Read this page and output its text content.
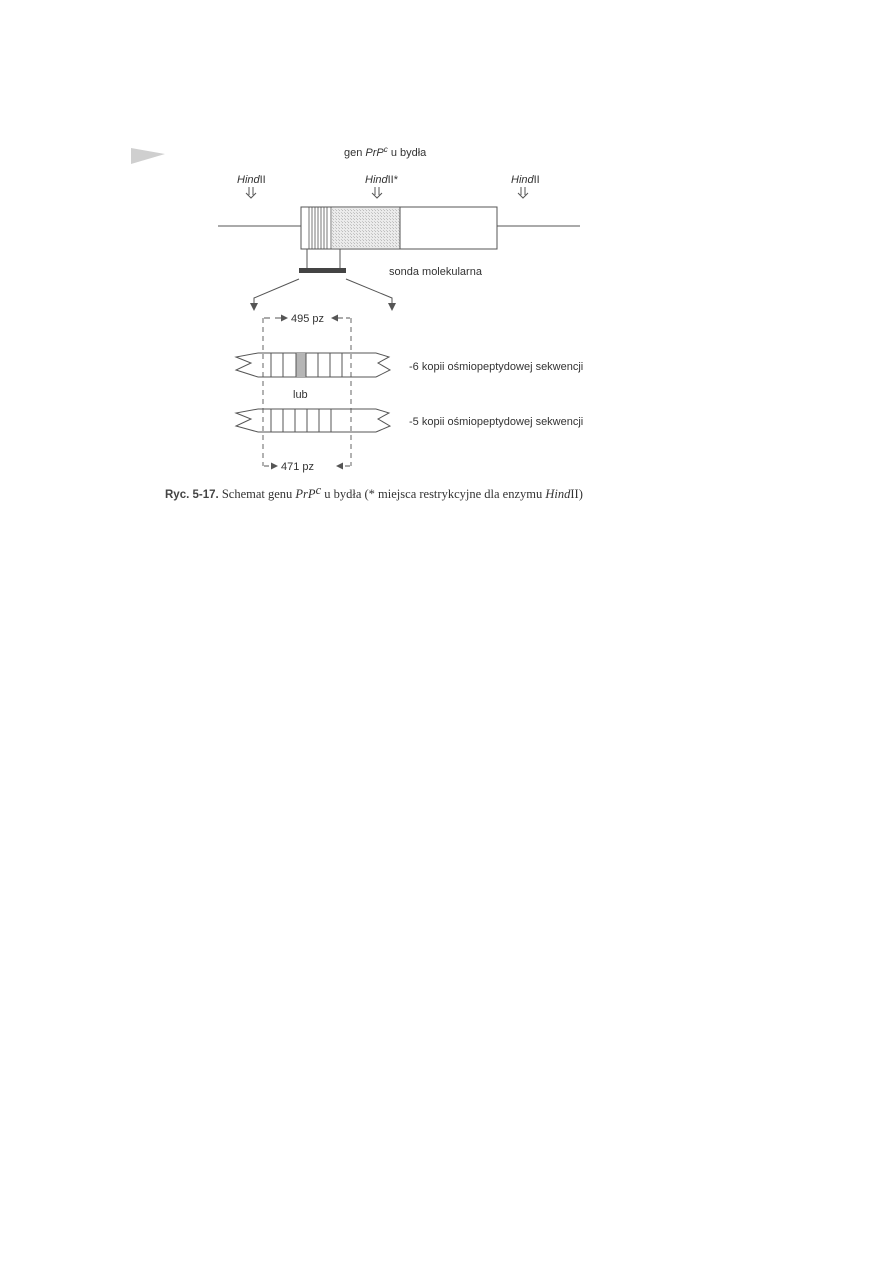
gen PrP$^c$ u bydła
HindII	HindII*	HindII
sonda molekularna
495 pz
-6 kopii ośmiopeptydowej sekwencji
lub
-5 kopii ośmiopeptydowej sekwencji
471 pz
Ryc. 5-17. Schemat genu PrP$^c$ $_{u bydła (* miejsca restrykcyjne dla enzymu}$ HindII)
